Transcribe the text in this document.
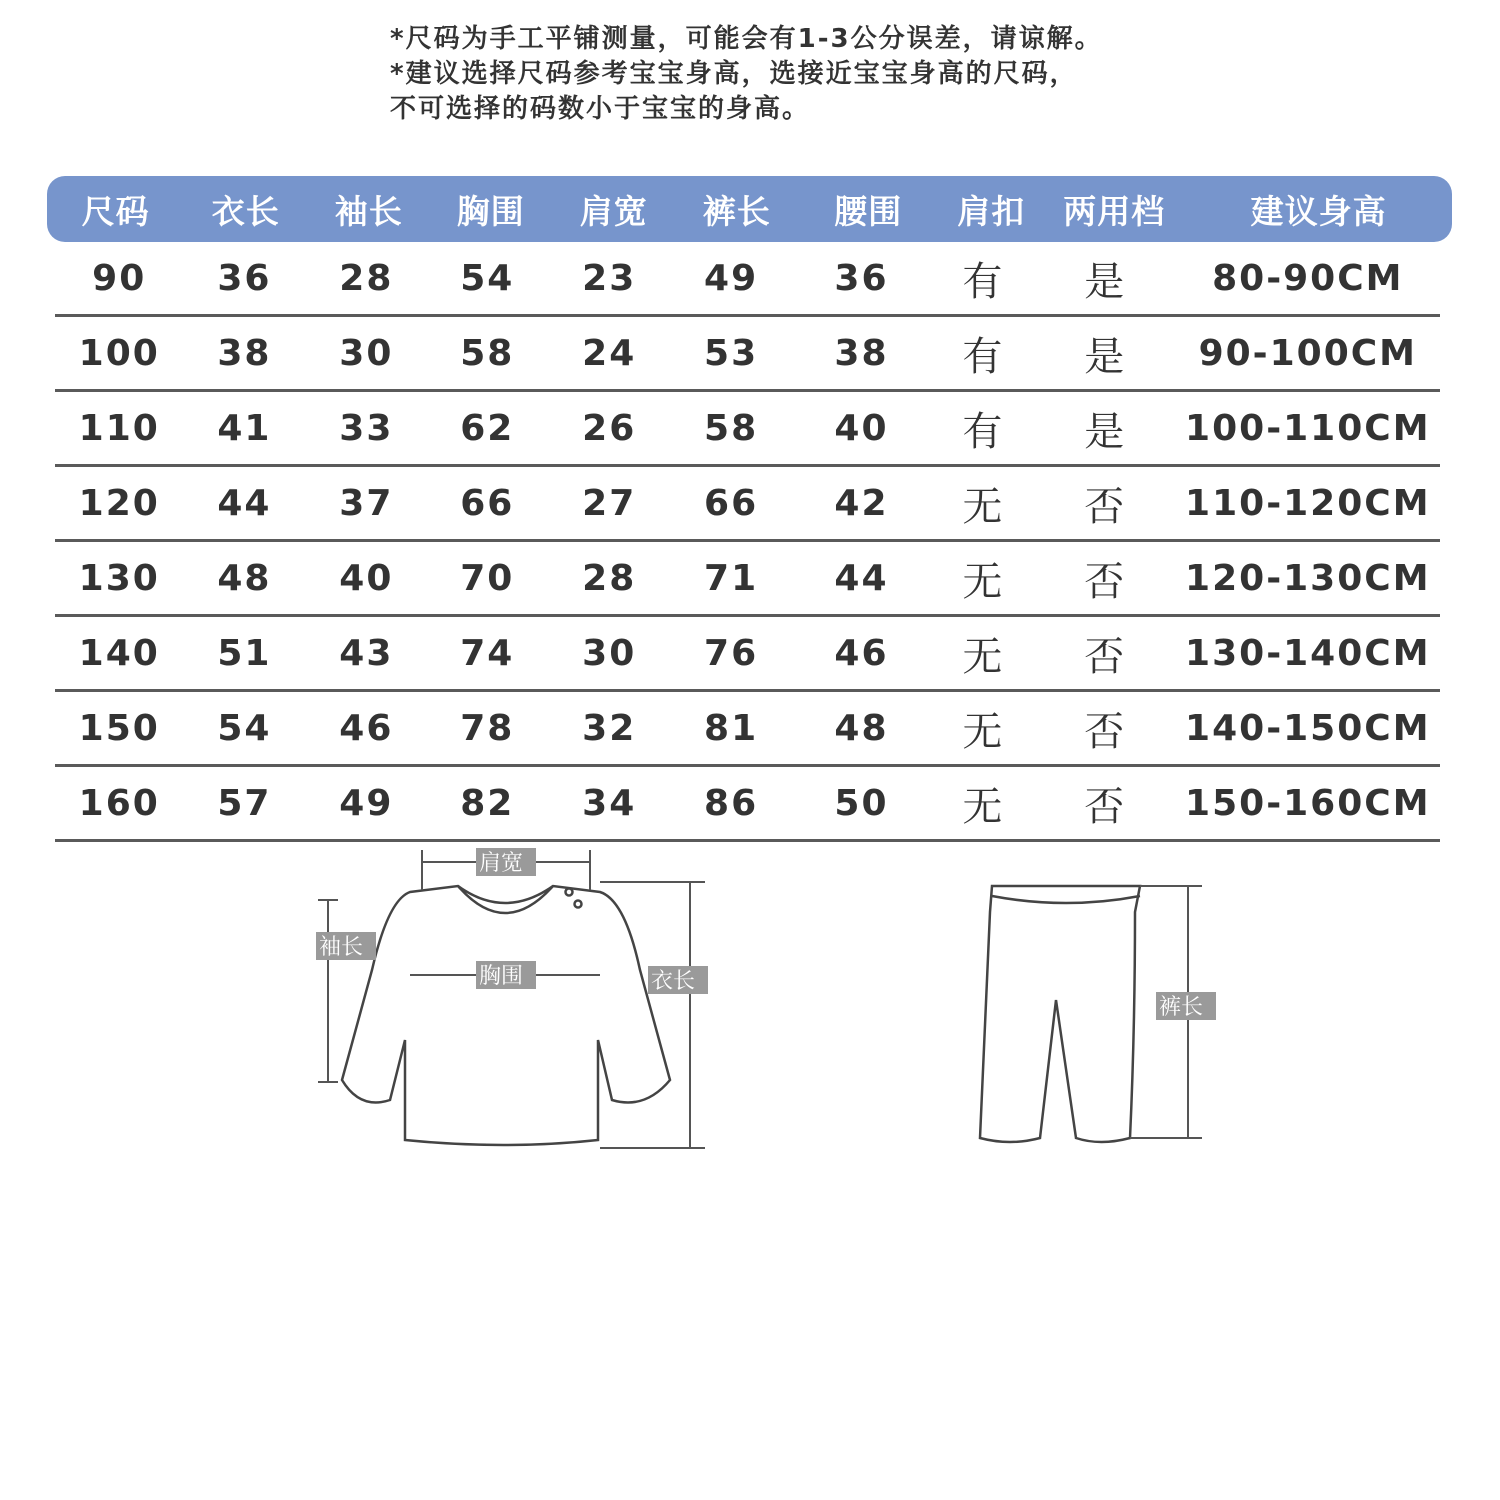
*尺码为手工平铺测量，可能会有1-3公分误差，请谅解。
*建议选择尺码参考宝宝身高，选接近宝宝身高的尺码，
不可选择的码数小于宝宝的身高。
尺码	衣长	袖长	胸围	肩宽	裤长	腰围	肩扣	两用档	建议身高
90	36	28	54	23	49	36	有	是	80-90CM
100	38	30	58	24	53	38	有	是	90-100CM
110	41	33	62	26	58	40	有	是	100-110CM
120	44	37	66	27	66	42	无	否	110-120CM
130	48	40	70	28	71	44	无	否	120-130CM
140	51	43	74	30	76	46	无	否	130-140CM
150	54	46	78	32	81	48	无	否	140-150CM
160	57	49	82	34	86	50	无	否	150-160CM
肩宽
袖长
胸围	衣长
裤长
